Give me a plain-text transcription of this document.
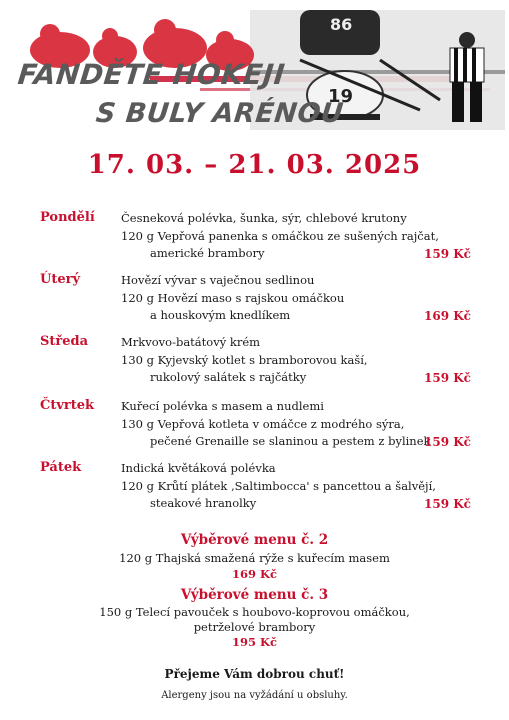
86
19
FANDĚTE HOKEJI
S BULY ARÉNOU
17. 03. – 21. 03. 2025
Pondělí Česneková polévka, šunka, sýr, chlebové krutony
120 g Vepřová panenka s omáčkou ze sušených rajčat,
americké brambory	159 Kč
Úterý	Hovězí vývar s vaječnou sedlinou
120 g Hovězí maso s rajskou omáčkou
a houskovým knedlíkem	169 Kč
Středa	Mrkvovo-batátový krém
130 g Kyjevský kotlet s bramborovou kaší,
rukolový salátek s rajčátky	159 Kč
Čtvrtek Kuřecí polévka s masem a nudlemi
130 g Vepřová kotleta v omáčce z modrého sýra,
pečené Grenaille se slaninou a pestem z bylinek
159 Kč
Pátek	Indická květáková polévka
120 g Krůtí plátek ‚Saltimbocca' s pancettou a šalvějí,
steakové hranolky	159 Kč
Výběrové menu č. 2
120 g Thajská smažená rýže s kuřecím masem
169 Kč
Výběrové menu č. 3
150 g Telecí pavouček s houbovo-koprovou omáčkou,
petrželové brambory
195 Kč
Přejeme Vám dobrou chuť!
Alergeny jsou na vyžádání u obsluhy.
